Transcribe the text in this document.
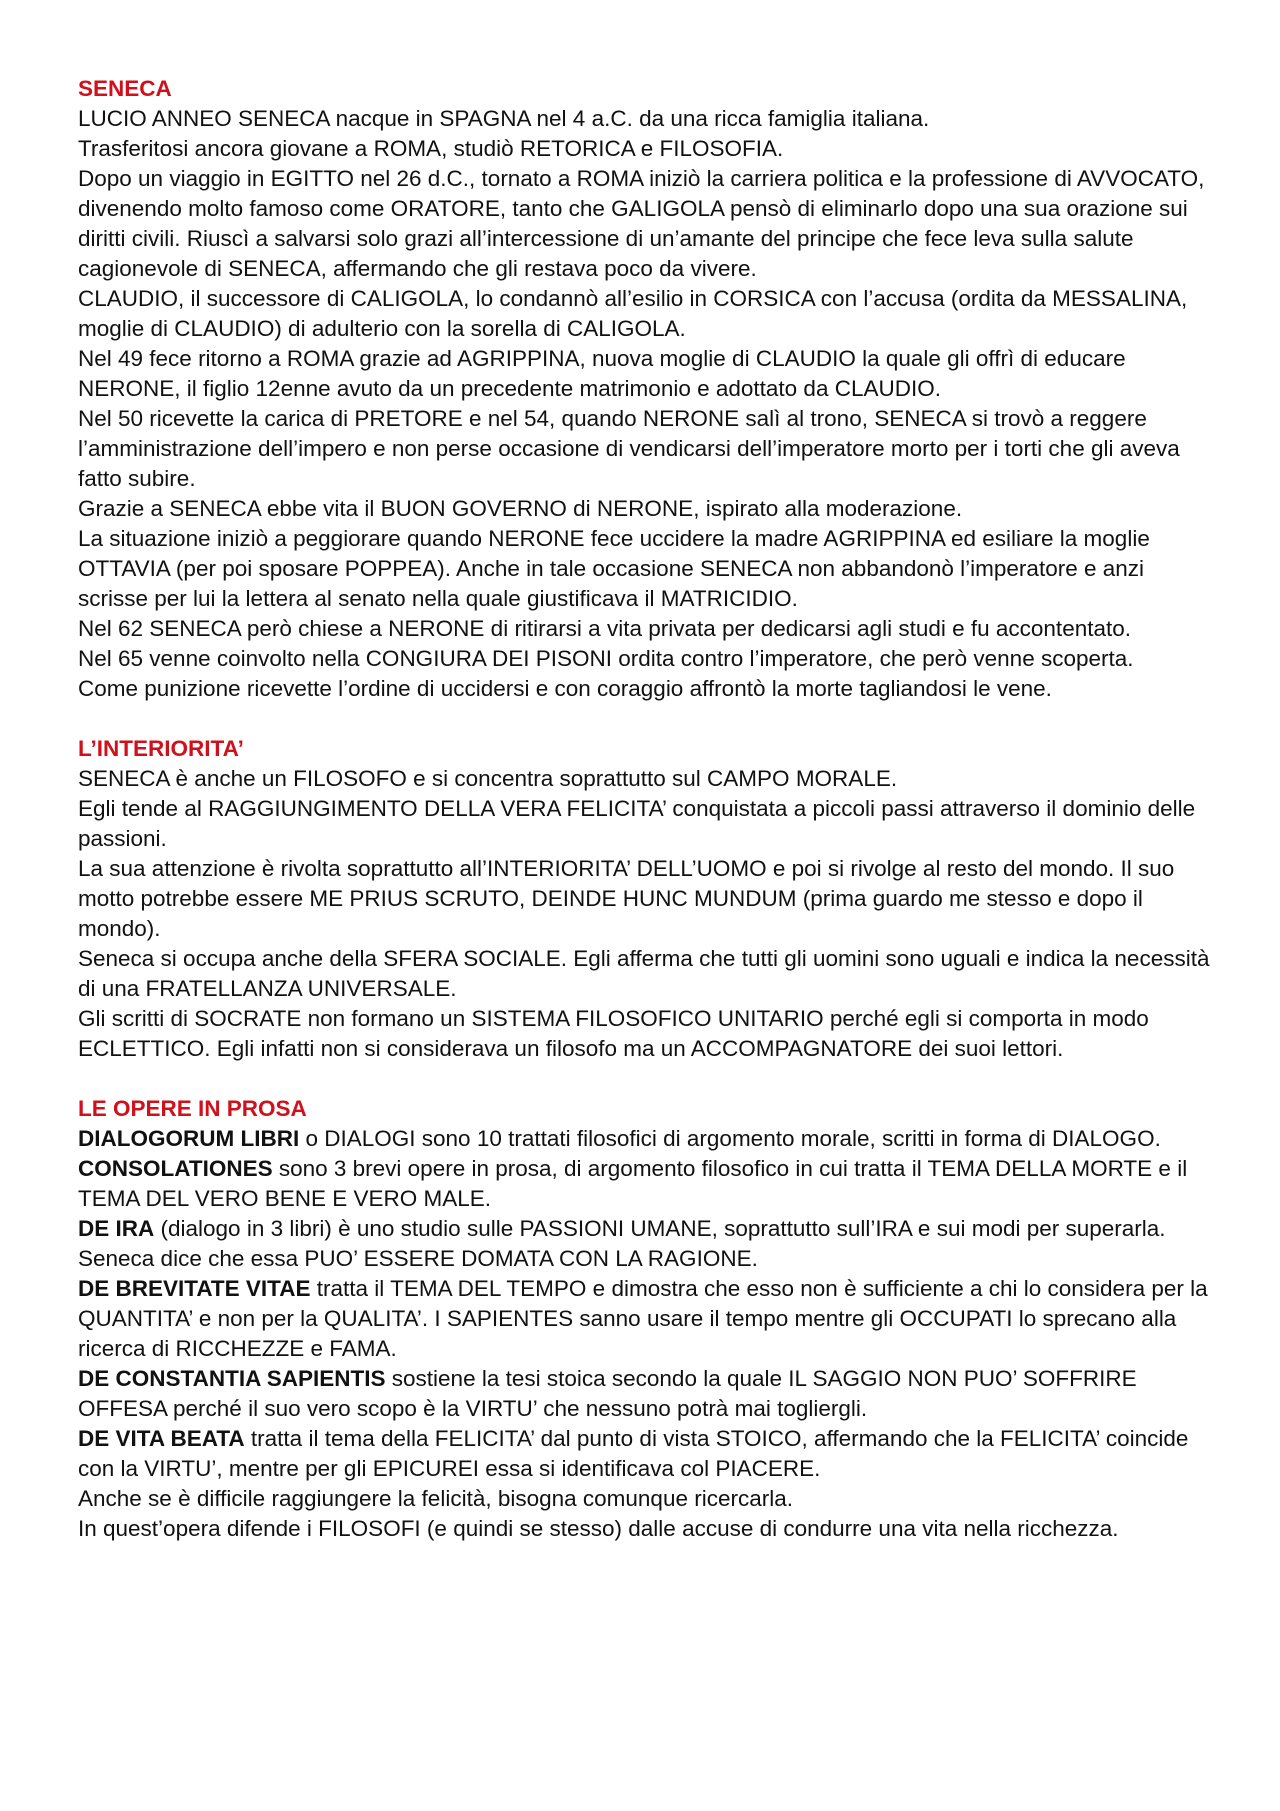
SENECA

LUCIO ANNEO SENECA nacque in SPAGNA nel 4 a.C. da una ricca famiglia italiana.

Trasferitosi ancora giovane a ROMA, studiò RETORICA e FILOSOFIA.

Dopo un viaggio in EGITTO nel 26 d.C., tornato a ROMA iniziò la carriera politica e la professione di AVVOCATO, divenendo molto famoso come ORATORE, tanto che GALIGOLA pensò di eliminarlo dopo una sua orazione sui diritti civili. Riuscì a salvarsi solo grazi all’intercessione di un’amante del principe che fece leva sulla salute cagionevole di SENECA, affermando che gli restava poco da vivere.

CLAUDIO, il successore di CALIGOLA, lo condannò all’esilio in CORSICA con l’accusa (ordita da MESSALINA, moglie di CLAUDIO) di adulterio con la sorella di CALIGOLA.

Nel 49 fece ritorno a ROMA grazie ad AGRIPPINA, nuova moglie di CLAUDIO la quale gli offrì di educare NERONE, il figlio 12enne avuto da un precedente matrimonio e adottato da CLAUDIO.

Nel 50 ricevette la carica di PRETORE e nel 54, quando NERONE salì al trono, SENECA si trovò a reggere l’amministrazione dell’impero e non perse occasione di vendicarsi dell’imperatore morto per i torti che gli aveva fatto subire.

Grazie a SENECA ebbe vita il BUON GOVERNO di NERONE, ispirato alla moderazione.

La situazione iniziò a peggiorare quando NERONE fece uccidere la madre AGRIPPINA ed esiliare la moglie OTTAVIA (per poi sposare POPPEA). Anche in tale occasione SENECA non abbandonò l’imperatore e anzi scrisse per lui la lettera al senato nella quale giustificava il MATRICIDIO.

Nel 62 SENECA però chiese a NERONE di ritirarsi a vita privata per dedicarsi agli studi e fu accontentato.

Nel 65 venne coinvolto nella CONGIURA DEI PISONI ordita contro l’imperatore, che però venne scoperta.

Come punizione ricevette l’ordine di uccidersi e con coraggio affrontò la morte tagliandosi le vene.

L’INTERIORITA’

SENECA è anche un FILOSOFO e si concentra soprattutto sul CAMPO MORALE.

Egli tende al RAGGIUNGIMENTO DELLA VERA FELICITA’ conquistata a piccoli passi attraverso il dominio delle passioni.

La sua attenzione è rivolta soprattutto all’INTERIORITA’ DELL’UOMO e poi si rivolge al resto del mondo. Il suo motto potrebbe essere ME PRIUS SCRUTO, DEINDE HUNC MUNDUM (prima guardo me stesso e dopo il mondo).

Seneca si occupa anche della SFERA SOCIALE. Egli afferma che tutti gli uomini sono uguali e indica la necessità di una FRATELLANZA UNIVERSALE.

Gli scritti di SOCRATE non formano un SISTEMA FILOSOFICO UNITARIO perché egli si comporta in modo ECLETTICO. Egli infatti non si considerava un filosofo ma un ACCOMPAGNATORE dei suoi lettori.

LE OPERE IN PROSA

DIALOGORUM LIBRI o DIALOGI sono 10 trattati filosofici di argomento morale, scritti in forma di DIALOGO.

CONSOLATIONES sono 3 brevi opere in prosa, di argomento filosofico in cui tratta il TEMA DELLA MORTE e il TEMA DEL VERO BENE E VERO MALE.

DE IRA (dialogo in 3 libri) è uno studio sulle PASSIONI UMANE, soprattutto sull’IRA e sui modi per superarla. Seneca dice che essa PUO’ ESSERE DOMATA CON LA RAGIONE.

DE BREVITATE VITAE tratta il TEMA DEL TEMPO e dimostra che esso non è sufficiente a chi lo considera per la QUANTITA’ e non per la QUALITA’. I SAPIENTES sanno usare il tempo mentre gli OCCUPATI lo sprecano alla ricerca di RICCHEZZE e FAMA.

DE CONSTANTIA SAPIENTIS sostiene la tesi stoica secondo la quale IL SAGGIO NON PUO’ SOFFRIRE OFFESA perché il suo vero scopo è la VIRTU’ che nessuno potrà mai togliergli.

DE VITA BEATA tratta il tema della FELICITA’ dal punto di vista STOICO, affermando che la FELICITA’ coincide con la VIRTU’, mentre per gli EPICUREI essa si identificava col PIACERE.

Anche se è difficile raggiungere la felicità, bisogna comunque ricercarla.

In quest’opera difende i FILOSOFI (e quindi se stesso) dalle accuse di condurre una vita nella ricchezza.
